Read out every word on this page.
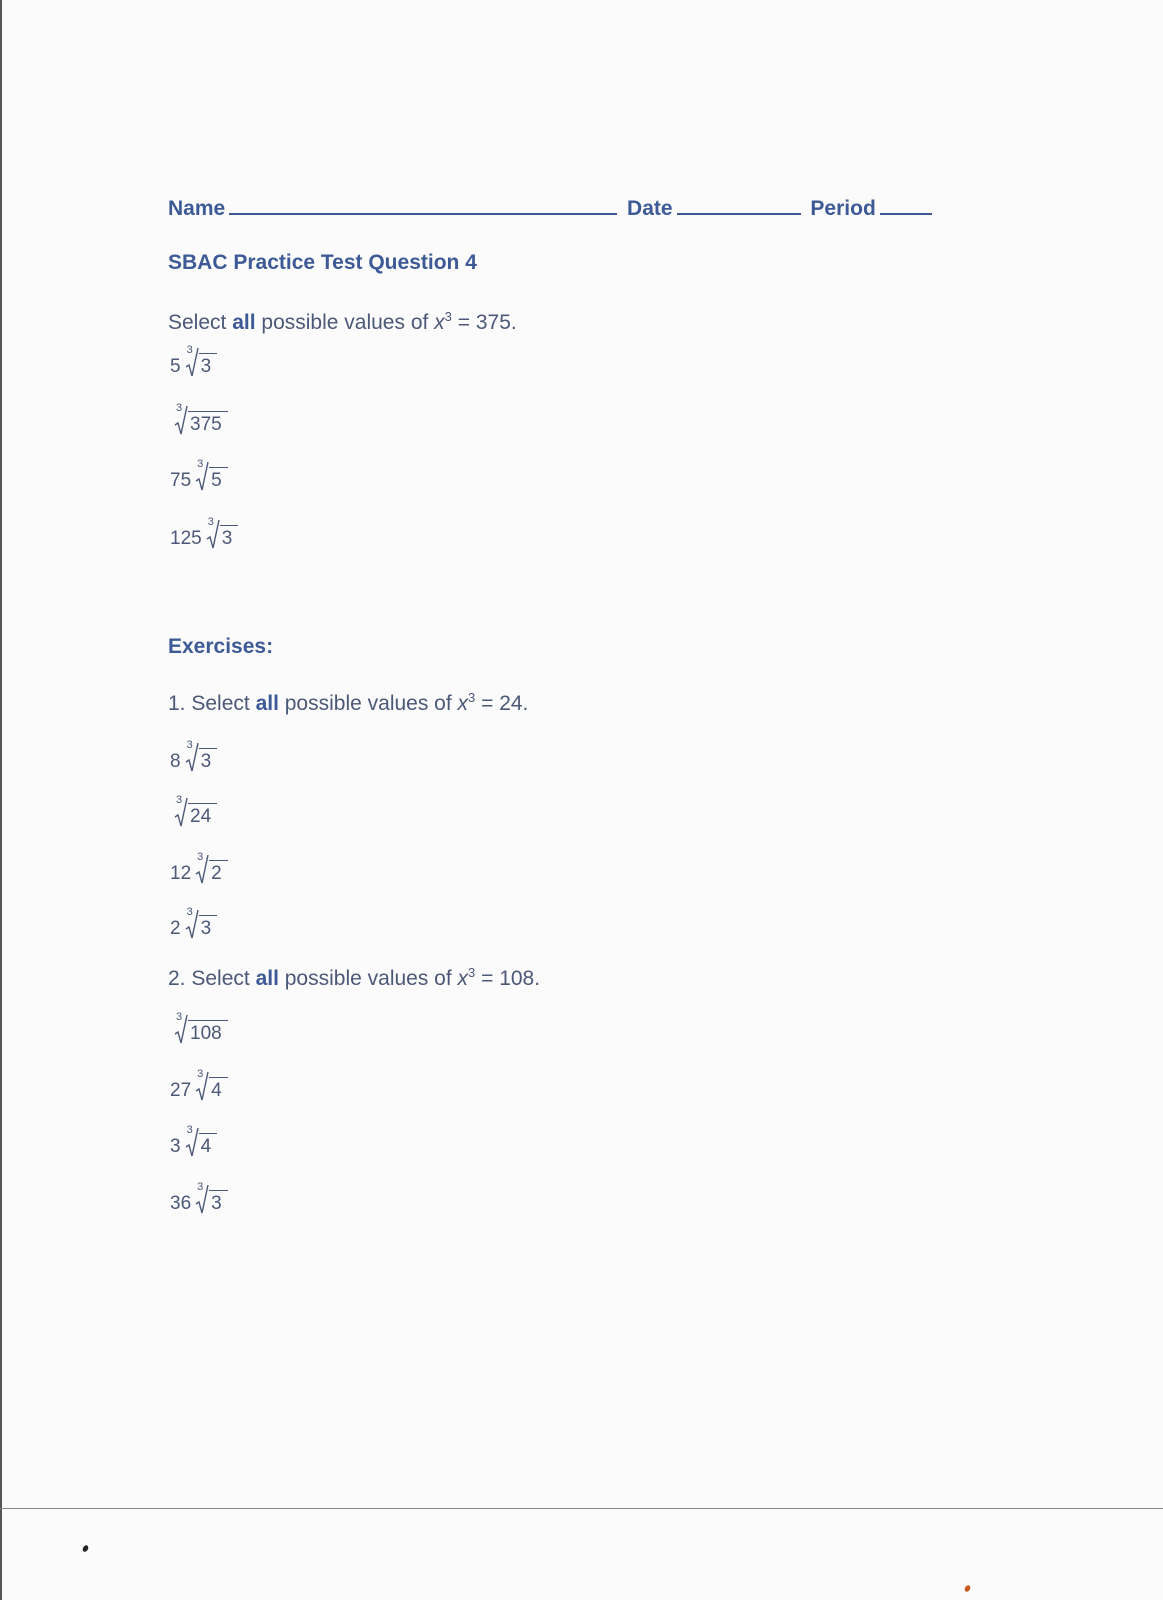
Name	Date	Period
SBAC Practice Test Question 4
Select all possible values of $x^3 = 375$.
Exercises:
1. Select all possible values of $x^3 = 24$.
2. Select all possible values of $x^3 = 108$.
5
3
3
3
375
75
3
5
125
3
3
8
3
3
3
24
12
3
2
2
3
3
3
108
27
3
4
3
3
4
36
3
3
